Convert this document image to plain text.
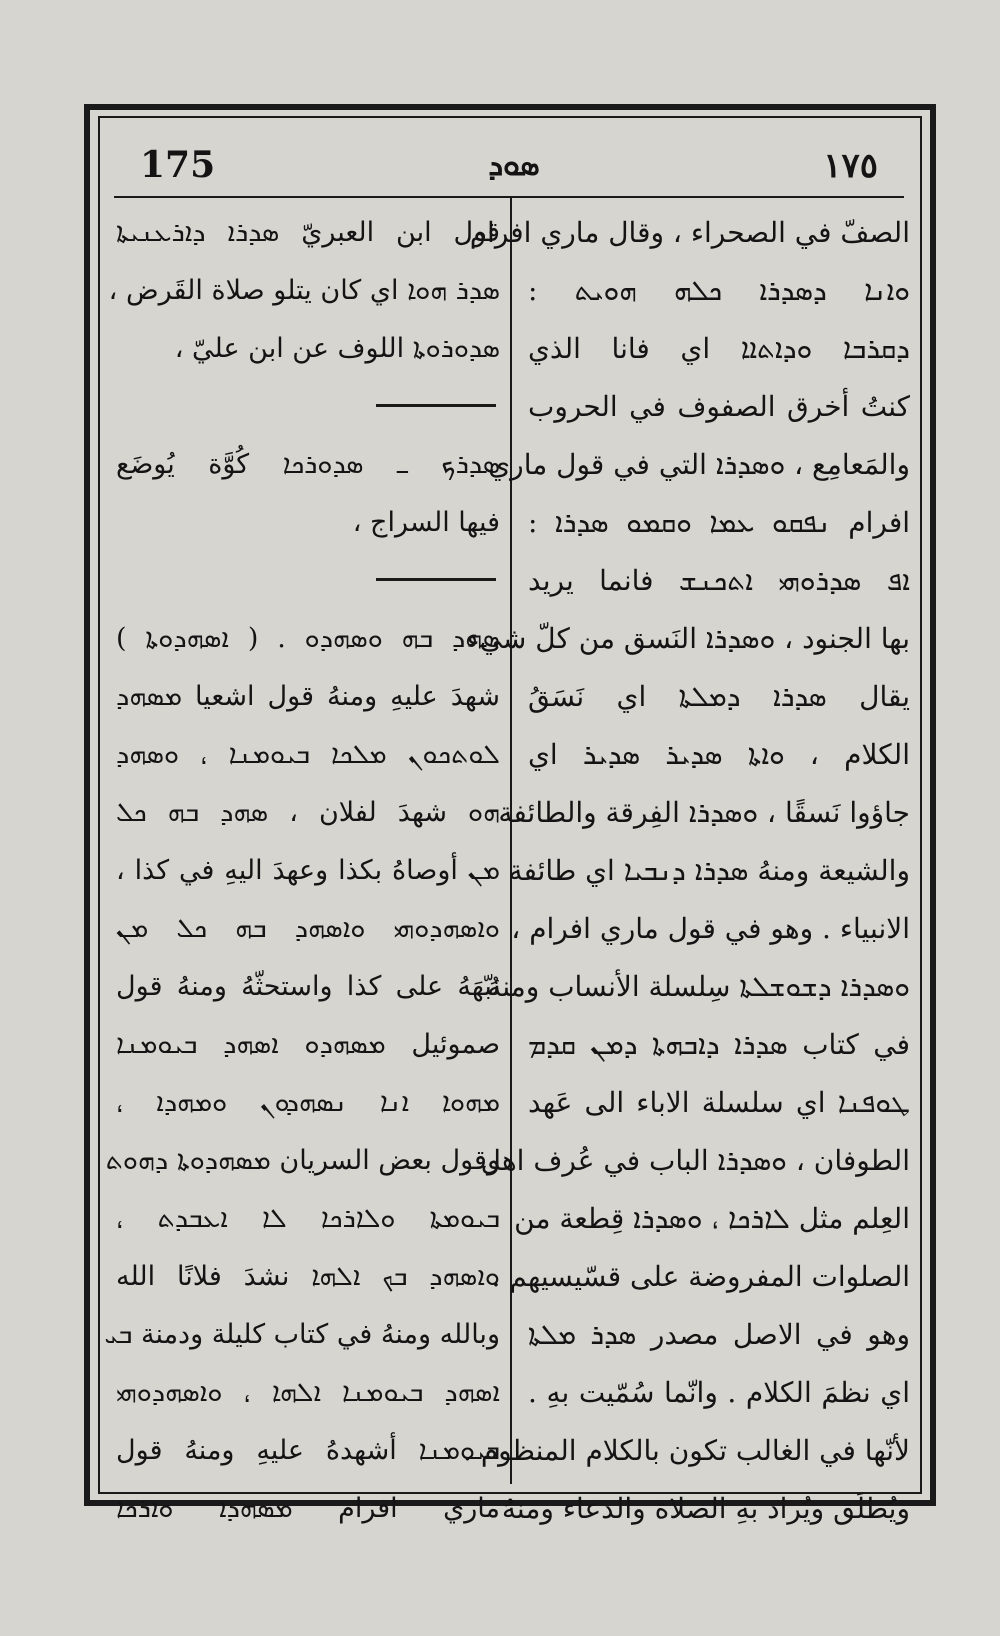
175	ܣܘܕ	١٧٥
الصفّ في الصحراء ، وقال ماري افرام
ܘܐܢܐ ܕܣܕܪܐ ܟܠܗ ܗܘܝܬ :
ܕܩܪܒܐ ܘܕܐܬܐܐ اي فانا الذي
كنتُ أخرق الصفوف في الحروب
والمَعامِع ، ܘܣܕܪܐ التي في قول ماري
افرام ܢܦܩܘ ܥܡܐ ܘܩܡܘ ܣܕܪܐ :
ܐܦ ܣܕܪܘܗܝ ܐܬܟܢܫ فانما يريد
بها الجنود ، ܘܣܕܪܐ النَسق من كلّ شيء
يقال ܣܕܪܐ ܕܡܠܬܐ اي نَسَقُ
الكلام ، ܘܐܬܐ ܣܕܝܪ ܣܕܝܪ اي
جاؤوا نَسقًا ، ܘܣܕܪܐ الفِرقة والطائفة
والشيعة ومنهُ ܣܕܪܐ ܕܢܒܝܐ اي طائفة
الانبياء . وهو في قول ماري افرام ،
ܘܣܕܪܐ ܕܫܘܫܠܬܐ سِلسلة الأنساب ومنهُ
في كتاب ܣܕܪܐ ܕܐܒܗܬܐ ܕܡܢ ܩܕܡ
ܛܘܦܢܐ اي سلسلة الاباء الى عَهد
الطوفان ، ܘܣܕܪܐ الباب في عُرف اهل
العِلم مثل ܠܐܪܟܐ ، ܘܣܕܪܐ قِطعة من
الصلوات المفروضة على قسّيسيهم .
وهو في الاصل مصدر ܣܕܪ ܡܠܬܐ
اي نظمَ الكلام . وانّما سُمّيت بهِ .
لأنّها في الغالب تكون بالكلام المنظوم .
ويُطلَق ويُراد بهِ الصلاة والدعاء ومنهُ
قول ابن العبريّ ܣܕܪܐ ܕܐܪܥܢܝܬܐ
ܣܕܪ ܗܘܐ اي كان يتلو صلاة القَرض ،
ܣܕܘܪܘܬܐ اللوف عن ابن عليّ ،
ܣܕܪܟ ـ ܣܕܘܪܟܐ كُوَّة يُوضَع
فيها السراج ،
ܣܗܕ ܒܗ ܘܣܗܕܘ . ( ܐܣܗܕܘܬܐ )
شهدَ عليهِ ومنهُ قول اشعيا ܡܣܗܕ
ܠܘܬܟܘܢ ܡܠܟܐ ܒܝܘܡܢܐ ، ܘܣܗܕ
ܗܘ شهدَ لفلان ، ܣܗܕ ܒܗ ܟܠ
ܡܢ أوصاهُ بكذا وعهدَ اليهِ في كذا ،
ܘܐܣܗܕܘܗܝ ܘܐܣܗܕ ܒܗ ܟܠ ܡܢ
نبّهَهُ على كذا واستحثّهُ ومنهُ قول
صموئيل ܡܣܗܕܘ ܐܣܗܕ ܒܝܘܡܢܐ
ܡܗܘܐ ܐܢܐ ܢܣܗܕܘܢ ܘܡܗܕܐ ،
وقول بعض السريان ܡܣܗܕܘܬܐ ܕܗܘܬ
ܒܝܘܡܬܐ ܘܠܐܪܟܐ ܠܐ ܐܥܒܕܬ ،
ܘܐܣܗܕ ܒܟ ܐܠܗܐ نشدَ فلانًا الله
وبالله ومنهُ في كتاب كليلة ودمنة ܒܝ
ܐܣܗܕ ܒܝܘܡܢܐ ܐܠܗܐ ، ܘܐܣܗܕܘܗܝ
ܒܝܘܡܢܐ أشهدهُ عليهِ ومنهُ قول
ماري افرام ܡܣܗܕܐ ܘܐܪܟܐ
